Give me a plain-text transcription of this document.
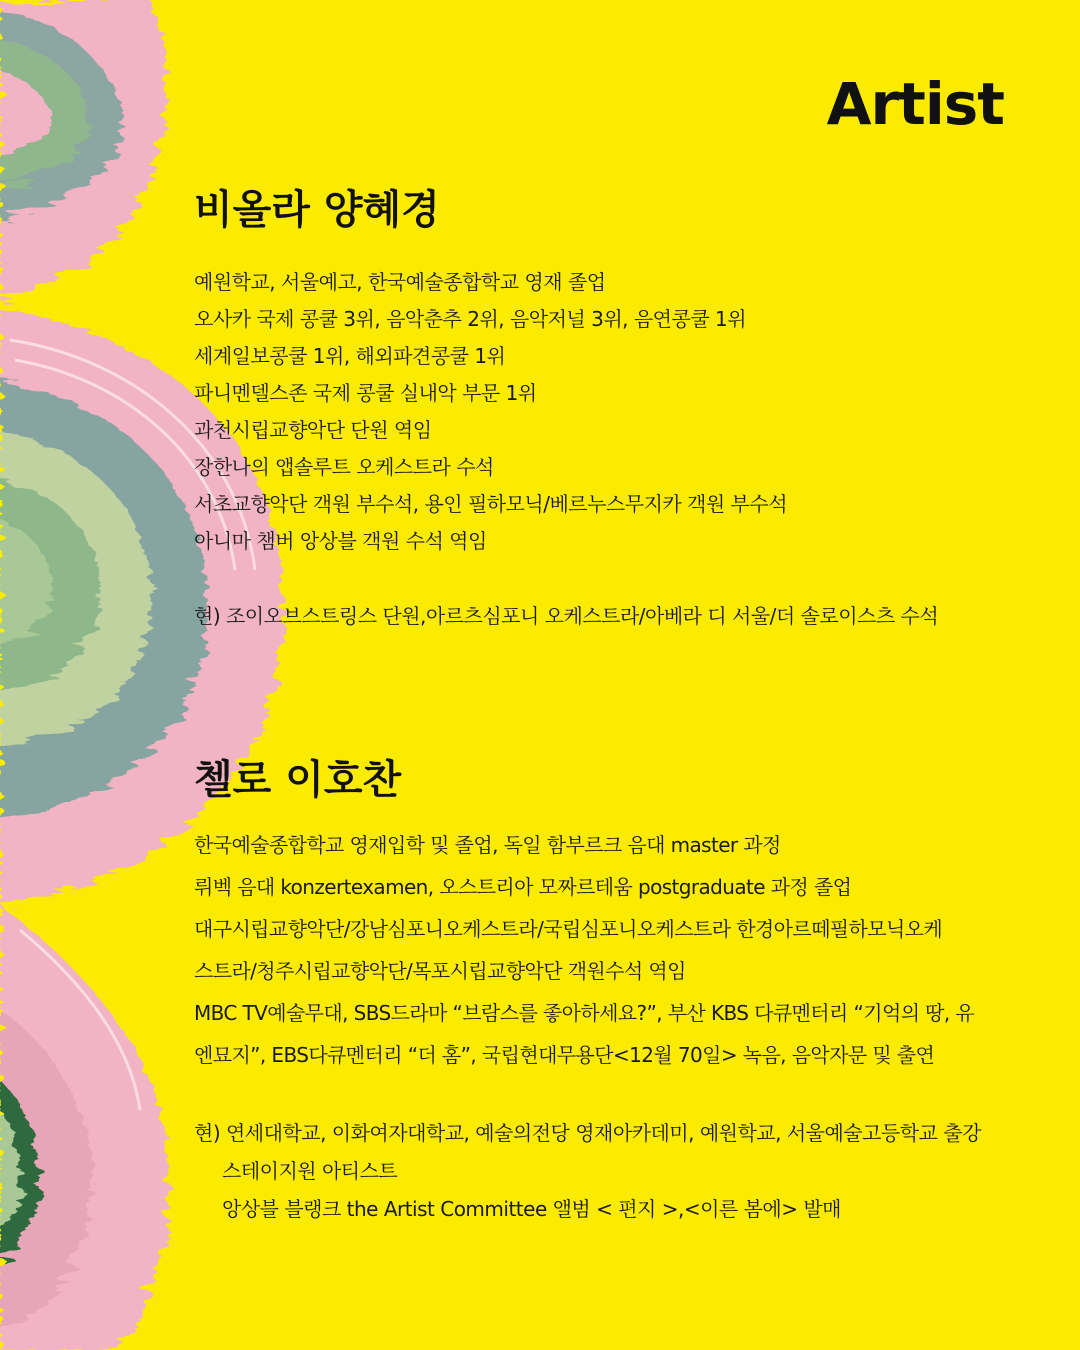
Artist
비올라 양혜경
예원학교, 서울예고, 한국예술종합학교 영재 졸업
오사카 국제 콩쿨 3위, 음악춘추 2위, 음악저널 3위, 음연콩쿨 1위
세계일보콩쿨 1위, 해외파견콩쿨 1위
파니멘델스존 국제 콩쿨 실내악 부문 1위
과천시립교향악단 단원 역임
장한나의 앱솔루트 오케스트라 수석
서초교향악단 객원 부수석, 용인 필하모닉/베르누스무지카 객원 부수석
아니마 챔버 앙상블 객원 수석 역임

현) 조이오브스트링스 단원,아르츠심포니 오케스트라/아베라 디 서울/더 솔로이스츠 수석

첼로 이호찬
한국예술종합학교 영재입학 및 졸업, 독일 함부르크 음대 master 과정
뤼벡 음대 konzertexamen, 오스트리아 모짜르테움 postgraduate 과정 졸업
대구시립교향악단/강남심포니오케스트라/국립심포니오케스트라 한경아르떼필하모닉오케
스트라/청주시립교향악단/목포시립교향악단 객원수석 역임
MBC TV예술무대, SBS드라마 “브람스를 좋아하세요?”, 부산 KBS 다큐멘터리 “기억의 땅, 유
엔묘지”, EBS다큐멘터리 “더 홈”, 국립현대무용단<12월 70일> 녹음, 음악자문 및 출연

현) 연세대학교, 이화여자대학교, 예술의전당 영재아카데미, 예원학교, 서울예술고등학교 출강

스테이지원 아티스트

앙상블 블랭크 the Artist Committee 앨범 < 편지 >,<이른 봄에> 발매
